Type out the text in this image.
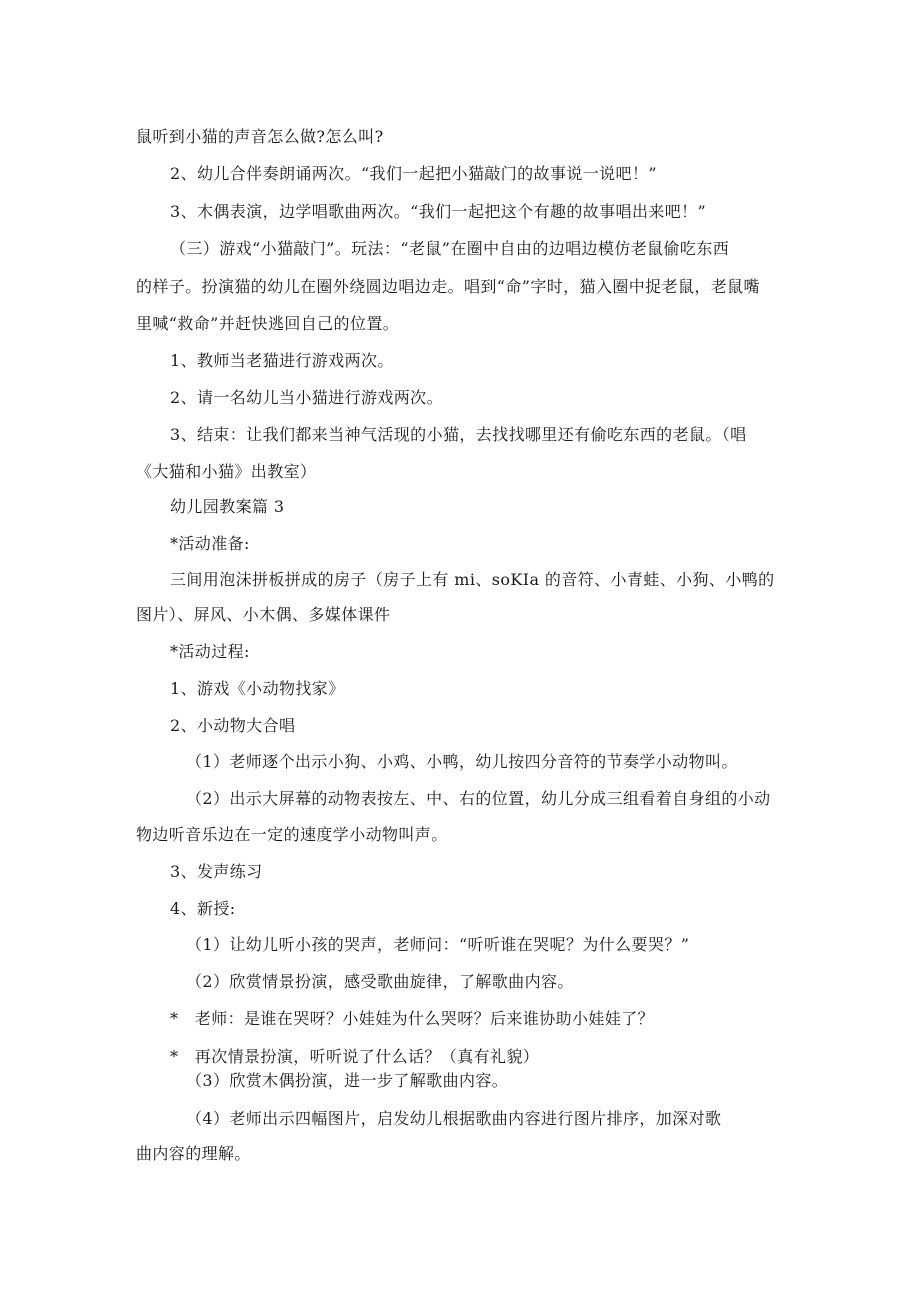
鼠听到小猫的声音怎么做?怎么叫?

2、幼儿合伴奏朗诵两次。“我们一起把小猫敲门的故事说一说吧！”

3、木偶表演，边学唱歌曲两次。“我们一起把这个有趣的故事唱出来吧！”

（三）游戏“小猫敲门”。玩法：“老鼠”在圈中自由的边唱边模仿老鼠偷吃东西

的样子。扮演猫的幼儿在圈外绕圆边唱边走。唱到“命”字时，猫入圈中捉老鼠，老鼠嘴

里喊“救命”并赶快逃回自己的位置。

1、教师当老猫进行游戏两次。

2、请一名幼儿当小猫进行游戏两次。

3、结束：让我们都来当神气活现的小猫，去找找哪里还有偷吃东西的老鼠。（唱

《大猫和小猫》出教室）

幼儿园教案篇 3

*活动准备:

三间用泡沫拼板拼成的房子（房子上有 mi、soKIa 的音符、小青蛙、小狗、小鸭的

图片）、屏风、小木偶、多媒体课件

*活动过程:

1、游戏《小动物找家》

2、小动物大合唱

（1）老师逐个出示小狗、小鸡、小鸭，幼儿按四分音符的节奏学小动物叫。

（2）出示大屏幕的动物表按左、中、右的位置，幼儿分成三组看着自身组的小动

物边听音乐边在一定的速度学小动物叫声。

3、发声练习

4、新授:

（1）让幼儿听小孩的哭声，老师问：“听听谁在哭呢？为什么要哭？”

（2）欣赏情景扮演，感受歌曲旋律，了解歌曲内容。

*　老师：是谁在哭呀？小娃娃为什么哭呀？后来谁协助小娃娃了？

*　再次情景扮演，听听说了什么话？（真有礼貌）

（3）欣赏木偶扮演，进一步了解歌曲内容。

（4）老师出示四幅图片，启发幼儿根据歌曲内容进行图片排序，加深对歌

曲内容的理解。
